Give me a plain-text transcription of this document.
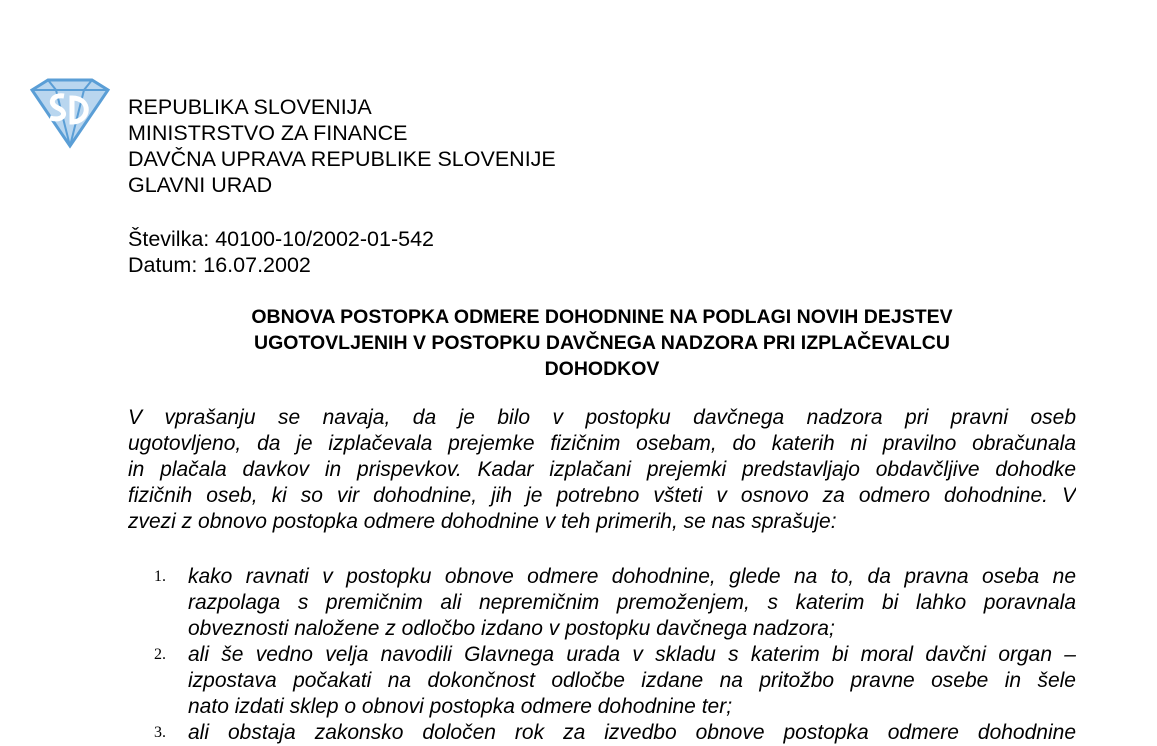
REPUBLIKA SLOVENIJA
MINISTRSTVO ZA FINANCE
DAVČNA UPRAVA REPUBLIKE SLOVENIJE
GLAVNI URAD
Številka: 40100-10/2002-01-542
Datum: 16.07.2002
OBNOVA POSTOPKA ODMERE DOHODNINE NA PODLAGI NOVIH DEJSTEV
UGOTOVLJENIH V POSTOPKU DAVČNEGA NADZORA PRI IZPLAČEVALCU
DOHODKOV
V vprašanju se navaja, da je bilo v postopku davčnega nadzora pri pravni oseb
ugotovljeno, da je izplačevala prejemke fizičnim osebam, do katerih ni pravilno obračunala
in plačala davkov in prispevkov. Kadar izplačani prejemki predstavljajo obdavčljive dohodke
fizičnih oseb, ki so vir dohodnine, jih je potrebno všteti v osnovo za odmero dohodnine. V
zvezi z obnovo postopka odmere dohodnine v teh primerih, se nas sprašuje:
1. kako ravnati v postopku obnove odmere dohodnine, glede na to, da pravna oseba ne
razpolaga s premičnim ali nepremičnim premoženjem, s katerim bi lahko poravnala
obveznosti naložene z odločbo izdano v postopku davčnega nadzora;
2. ali še vedno velja navodili Glavnega urada v skladu s katerim bi moral davčni organ –
izpostava počakati na dokončnost odločbe izdane na pritožbo pravne osebe in šele
nato izdati sklep o obnovi postopka odmere dohodnine ter;
3. ali obstaja zakonsko določen rok za izvedbo obnove postopka odmere dohodnine
